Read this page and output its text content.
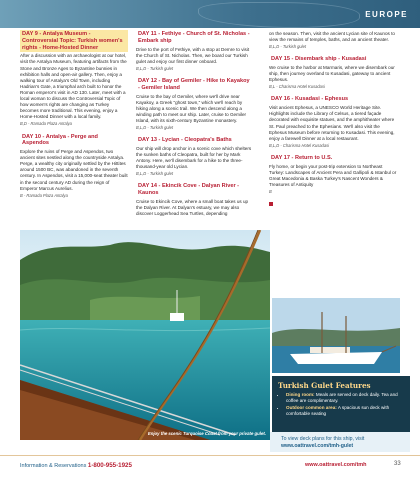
EUROPE
DAY 9 - Antalya Museum - Controversial Topic: Turkish women's rights - Home-Hosted Dinner
After a discussion with an archaeologist at our hotel, visit the Antalya Museum, featuring artifacts from the Stone and Bronze Ages to Byzantine bunnies in exhibition halls and open-air gallery. Then, enjoy a walking tour of Antalya's Old Town, including Hadrian's Gate, a triumphal arch built to honor the Roman emperor's visit in AD 130. Later, meet with a local woman to discuss the Controversial Topic of how women's rights are changing as Turkey becomes more traditional. This evening, enjoy a Home-Hosted Dinner with a local family.
B,D - Ramada Plaza Antalya
DAY 10 - Antalya - Perge and Aspendos
Explore the ruins of Perge and Aspendos, two ancient sites nestled along the countryside Antalya. Perge, a wealthy city originally settled by the Hittites around 1500 BC, was abandoned in the seventh century. In Aspendos, visit a 15,000-seat theater built in the second century AD during the reign of Emperor Marcus Aurelius.
B - Ramada Plaza Antalya
DAY 11 - Fethiye - Church of St. Nicholas - Embark ship
Drive to the port of Fethiye, with a stop at Demre to visit the Church of St. Nicholas. Then, we board our Turkish gulet and enjoy our first dinner onboard.
B,L,D - Turkish gulet
DAY 12 - Bay of Gemiler - Hike to Kayakoy - Gemiler Island
Cruise to the bay of Gemiler, where we'll drive near Kayakoy, a Greek "ghost town," which we'll reach by hiking along a scenic trail. We then descend along a winding path to meet our ship. Later, cruise to Gemiler Island, with its sixth-century Byzantine monastery.
B,L,D - Turkish gulet
DAY 13 - Lycian - Cleopatra's Baths
Our ship will drop anchor in a scenic cove which shelters the sunken baths of Cleopatra, built for her by Mark Antony. Here, we'll disembark for a hike to the three-thousand-year old Lycian.
B,L,D - Turkish gulet
DAY 14 - Ekincik Cove - Dalyan River - Kaunos
Cruise to Ekincik Cove, where a small boat takes us up the Dalyan River. At Dalyan's estuary, we may also discover Loggerhead Sea Turtles, depending
on the season. Then, visit the ancient Lycian site of Kaunos to view the remains of temples, baths, and an ancient theater.
B,L,D - Turkish gulet
DAY 15 - Disembark ship - Kusadasi
We cruise to the harbor at Marmaris, where we disembark our ship, then journey overland to Kusadasi, gateway to ancient Ephesus.
B,L - Charisma Hotel Kusadasi
DAY 16 - Kusadasi - Ephesus
Visit ancient Ephesus, a UNESCO World Heritage Site. Highlights include the Library of Celsus, a tiered façade decorated with exquisite statues, and the amphitheater where St. Paul preached to the Ephesians. We'll also visit the Ephesus Museum before returning to Kusadasi. This evening, enjoy a farewell Dinner at a local restaurant.
B,L,D - Charisma Hotel Kusadasi
DAY 17 - Return to U.S.
Fly home, or begin your post-trip extension to Northeast Turkey: Landscapes of Ancient Pera and Gallipoli & Istanbul or Great Macedonia & Baska Turkey's Nascent Wonders & Treasures of Antiquity
B
Enjoy the scenic Turquoise Coast from your private gulet.
Turkish Gulet Features
• Dining room: Meals are served on deck daily. Tea and coffee are complimentary.
• Outdoor common area: A spacious sun deck with comfortable seating
To view deck plans for this ship, visit
www.oattravel.com/tmh-gulet
Information & Reservations 1-800-955-1925	www.oattravel.com/tmh	33
